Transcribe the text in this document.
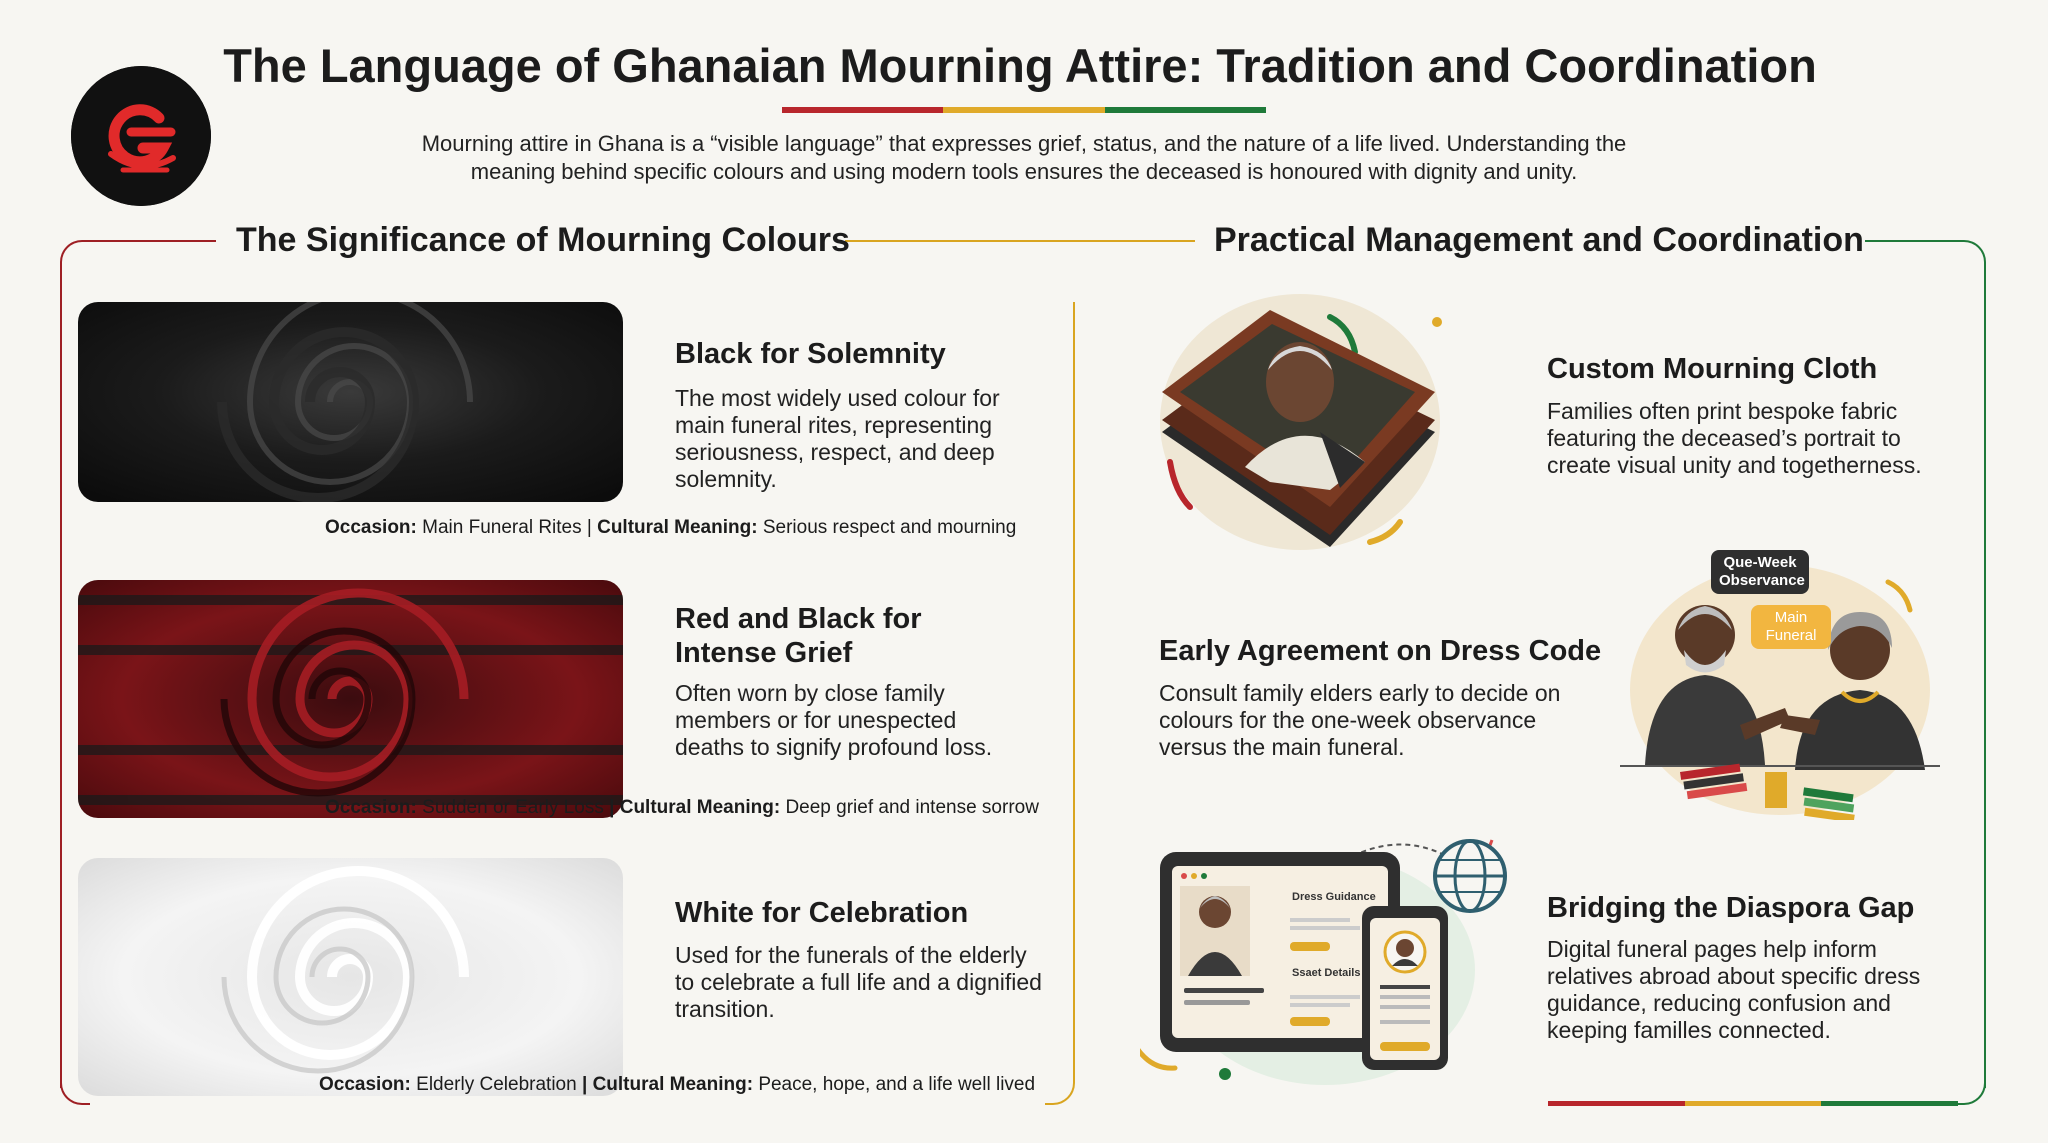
The Language of Ghanaian Mourning Attire: Tradition and Coordination
Mourning attire in Ghana is a “visible language” that expresses grief, status, and the nature of a life lived. Understanding the meaning behind specific colours and using modern tools ensures the deceased is honoured with dignity and unity.
The Significance of Mourning Colours	Practical Management and Coordination
Black for Solemnity
The most widely used colour for main funeral rites, representing seriousness, respect, and deep solemnity.
Occasion: Main Funeral Rites | Cultural Meaning: Serious respect and mourning
Red and Black for Intense Grief
Often worn by close family members or for unespected deaths to signify profound loss.
Occasion: Sudden or Early Loss | Cultural Meaning: Deep grief and intense sorrow
White for Celebration
Used for the funerals of the elderly to celebrate a full life and a dignified transition.
Occasion: Elderly Celebration | Cultural Meaning: Peace, hope, and a life well lived
Custom Mourning Cloth
Families often print bespoke fabric featuring the deceased’s portrait to create visual unity and togetherness.
Que-Week Observance
Main Funeral
Early Agreement on Dress Code
Consult family elders early to decide on colours for the one-week observance versus the main funeral.
Dress Guidance
Ssaet Details
Bridging the Diaspora Gap
Digital funeral pages help inform relatives abroad about specific dress guidance, reducing confusion and keeping familles connected.
